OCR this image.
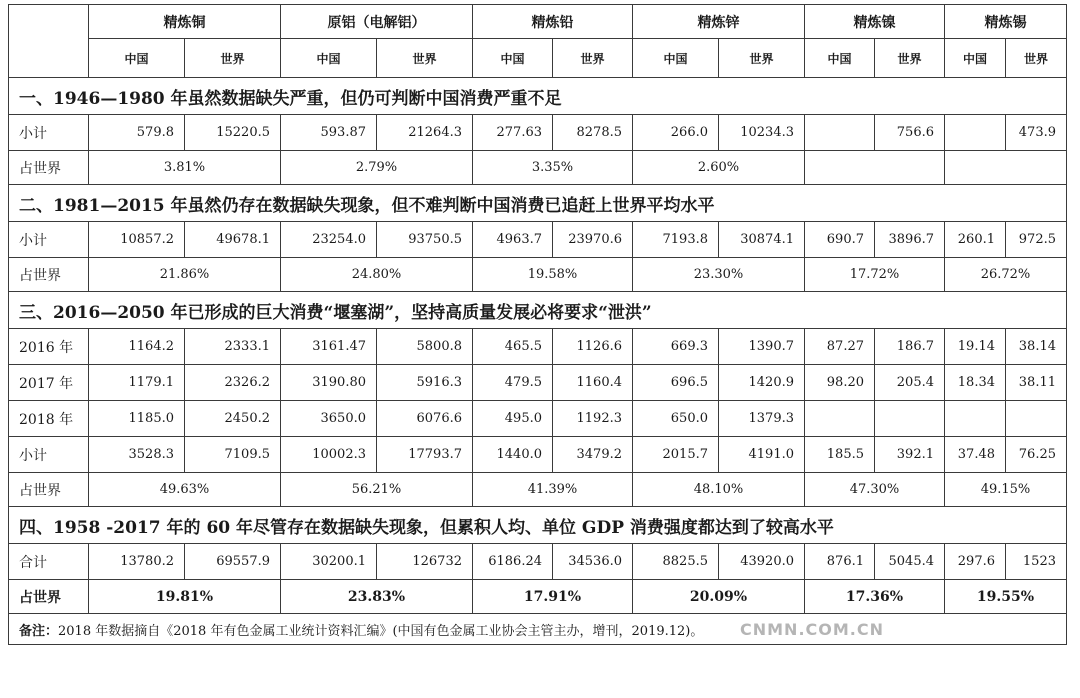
	精炼铜		原铝（电解铝）		精炼铅		精炼锌		精炼镍		精炼锡	
	中国	世界	中国	世界	中国	世界	中国	世界	中国	世界	中国	世界
一、1946—1980 年虽然数据缺失严重，但仍可判断中国消费严重不足												
小计	579.8	15220.5	593.87	21264.3	277.63	8278.5	266.0	10234.3		756.6		473.9
占世界	3.81%		2.79%		3.35%		2.60%					
二、1981—2015 年虽然仍存在数据缺失现象，但不难判断中国消费已追赶上世界平均水平												
小计	10857.2	49678.1	23254.0	93750.5	4963.7	23970.6	7193.8	30874.1	690.7	3896.7	260.1	972.5
占世界	21.86%		24.80%		19.58%		23.30%		17.72%		26.72%	
三、2016—2050 年已形成的巨大消费“堰塞湖”，坚持高质量发展必将要求“泄洪”												
2016 年	1164.2	2333.1	3161.47	5800.8	465.5	1126.6	669.3	1390.7	87.27	186.7	19.14	38.14
2017 年	1179.1	2326.2	3190.80	5916.3	479.5	1160.4	696.5	1420.9	98.20	205.4	18.34	38.11
2018 年	1185.0	2450.2	3650.0	6076.6	495.0	1192.3	650.0	1379.3				
小计	3528.3	7109.5	10002.3	17793.7	1440.0	3479.2	2015.7	4191.0	185.5	392.1	37.48	76.25
占世界	49.63%		56.21%		41.39%		48.10%		47.30%		49.15%	
四、1958 -2017 年的 60 年尽管存在数据缺失现象，但累积人均、单位 GDP 消费强度都达到了较高水平												
合计	13780.2	69557.9	30200.1	126732	6186.24	34536.0	8825.5	43920.0	876.1	5045.4	297.6	1523
占世界	19.81%		23.83%		17.91%		20.09%		17.36%		19.55%	
备注：2018 年数据摘自《2018 年有色金属工业统计资料汇编》(中国有色金属工业协会主管主办，增刊，2019.12)。												CNMN.COM.CN
